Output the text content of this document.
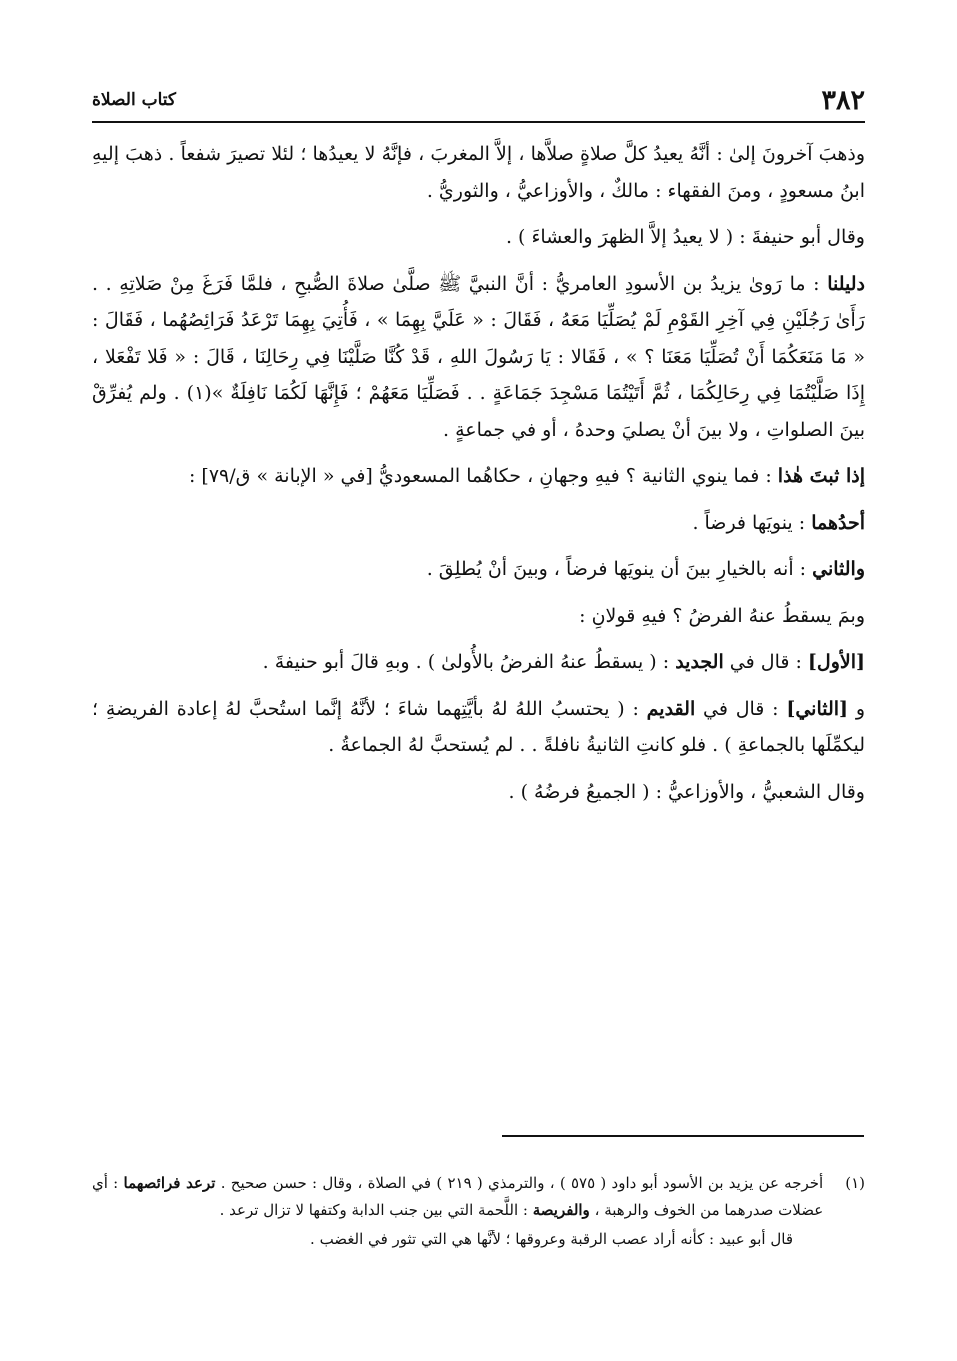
٣٨٢
كتاب الصلاة

وذهبَ آخرونَ إلىٰ : أنَّهُ يعيدُ كلَّ صلاةٍ صلاَّها ، إلاَّ المغربَ ، فإنَّهُ لا يعيدُها ؛ لئلا تصيرَ شفعاً . ذهبَ إليهِ ابنُ مسعودٍ ، ومنَ الفقهاء : مالكٌ ، والأوزاعيُّ ، والثوريُّ .

وقال أبو حنيفةَ : ( لا يعيدُ إلاَّ الظهرَ والعشاءَ ) .

دليلنا : ما رَوىٰ يزيدُ بن الأسودِ العامريُّ : أنَّ النبيَّ ﷺ صلَّىٰ صلاةَ الصُّبحِ ، فلمَّا فَرَغَ مِنْ صَلاتِهِ . . رَأَىٰ رَجُلَيْنِ فِي آخِرِ القَوْمِ لَمْ يُصَلِّيَا مَعَهُ ، فَقَالَ : « عَلَيَّ بِهِمَا » ، فَأُتِيَ بِهِمَا تَرْعَدُ فَرَائِصُهُما ، فَقَالَ : « مَا مَنَعَكُمَا أَنْ تُصَلِّيَا مَعَنَا ؟ » ، فَقَالا : يَا رَسُولَ اللهِ ، قَدْ كُنَّا صَلَّيْنَا فِي رِحَالِنَا ، قَالَ : « فَلا تَفْعَلا ، إِذَا صَلَّيْتُمَا فِي رِحَالِكُمَا ، ثُمَّ أَتَيْتُمَا مَسْجِدَ جَمَاعَةٍ . . فَصَلِّيَا مَعَهُمْ ؛ فَإِنَّهَا لَكُمَا نَافِلَةٌ »(١) . ولم يُفرِّقْ بينَ الصلواتِ ، ولا بينَ أنْ يصليَ وحدهُ ، أو في جماعةٍ .

إذا ثبتَ هٰذا : فما ينوي الثانية ؟ فيهِ وجهانِ ، حكاهُما المسعوديُّ [في « الإبانة » ق/٧٩] :

أحدُهما : ينويَها فرضاً .

والثاني : أنه بالخيارِ بينَ أن ينويَها فرضاً ، وبينَ أنْ يُطلِقَ .

وبمَ يسقطُ عنهُ الفرضُ ؟ فيهِ قولانِ :

[الأول] : قال في الجديد : ( يسقطُ عنهُ الفرضُ بالأُولىٰ ) . وبهِ قالَ أبو حنيفةَ .

و [الثاني] : قال في القديم : ( يحتسبُ اللهُ لهُ بأيَّتِهما شاءَ ؛ لأنَّهُ إنَّما استُحبَّ لهُ إعادة الفريضةِ ؛ ليكمِّلَها بالجماعةِ ) . فلو كانتِ الثانيةُ نافلةً . . لم يُستحبَّ لهُ الجماعةُ .

وقال الشعبيُّ ، والأوزاعيُّ : ( الجميعُ فرضُهُ ) .

(١)

أخرجه عن يزيد بن الأسود أبو داود ( ٥٧٥ ) ، والترمذي ( ٢١٩ ) في الصلاة ، وقال : حسن صحيح . ترعد فرائصهما : أي عضلات صدرهما من الخوف والرهبة ، والفريصة : اللَّحمة التي بين جنب الدابة وكتفها لا تزال ترعد .

قال أبو عبيد : كأنه أراد عصب الرقبة وعروقها ؛ لأنَّها هي التي تثور في الغضب .
